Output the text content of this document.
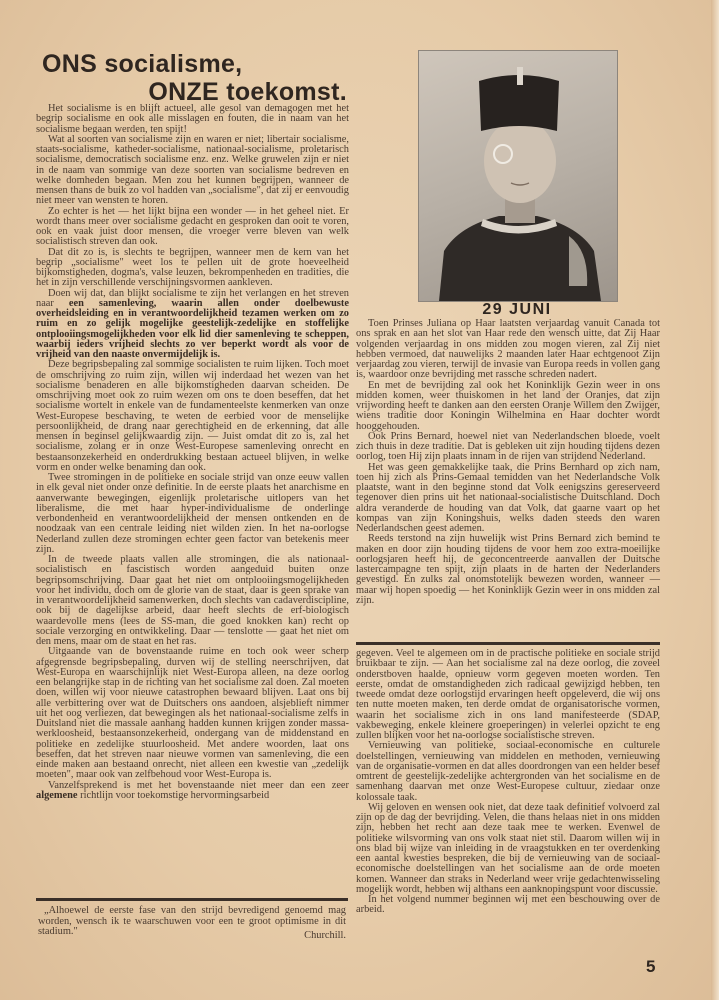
ONS socialisme,
ONZE toekomst.

Het socialisme is en blijft actueel, alle gesol van demagogen met het begrip socialisme en ook alle misslagen en fouten, die in naam van het socialisme begaan werden, ten spijt!

Wat al soorten van socialisme zijn en waren er niet; libertair socialisme, staats-socialisme, katheder-socialisme, nationaal-socialisme, proletarisch socialisme, democratisch socialisme enz. enz. Welke gruwelen zijn er niet in de naam van sommige van deze soorten van socialisme bedreven en welke domheden begaan. Men zou het kunnen begrijpen, wanneer de mensen thans de buik zo vol hadden van „socialisme", dat zij er eenvoudig niet meer van wensten te horen.

Zo echter is het — het lijkt bijna een wonder — in het geheel niet. Er wordt thans meer over socialisme gedacht en gesproken dan ooit te voren, ook en vaak juist door mensen, die vroeger verre bleven van welk socialistisch streven dan ook.

Dat dit zo is, is slechts te begrijpen, wanneer men de kern van het begrip „socialisme" weet los te pellen uit de grote hoeveelheid bijkomstigheden, dogma's, valse leuzen, bekrompenheden en tradities, die het in zijn verschillende verschijningsvormen aankleven.

Doen wij dat, dan blijkt socialisme te zijn het verlangen en het streven naar een samenleving, waarin allen onder doelbewuste overheidsleiding en in verantwoordelijkheid tezamen werken om zo ruim en zo gelijk mogelijke geestelijk-zedelijke en stoffelijke ontplooiingsmogelijkheden voor elk lid dier samenleving te scheppen, waarbij ieders vrijheid slechts zo ver beperkt wordt als voor de vrijheid van den naaste onvermijdelijk is.

Deze begripsbepaling zal sommige socialisten te ruim lijken. Toch moet de omschrijving zo ruim zijn, willen wij inderdaad het wezen van het socialisme benaderen en alle bijkomstigheden daarvan scheiden. De omschrijving moet ook zo ruim wezen om ons te doen beseffen, dat het socialisme wortelt in enkele van de fundamenteelste kenmerken van onze West-Europese beschaving, te weten de eerbied voor de menselijke persoonlijkheid, de drang naar gerechtigheid en de erkenning, dat alle mensen in beginsel gelijkwaardig zijn. — Juist omdat dit zo is, zal het socialisme, zolang er in onze West-Europese samenleving onrecht en bestaansonzekerheid en onderdrukking bestaan actueel blijven, in welke vorm en onder welke benaming dan ook.

Twee stromingen in de politieke en sociale strijd van onze eeuw vallen in elk geval niet onder onze definitie. In de eerste plaats het anarchisme en aanverwante bewegingen, eigenlijk proletarische uitlopers van het liberalisme, die met haar hyper-individualisme de onderlinge verbondenheid en verantwoordelijkheid der mensen ontkenden en de noodzaak van een centrale leiding niet wilden zien. In het na-oorlogse Nederland zullen deze stromingen echter geen factor van betekenis meer zijn.

In de tweede plaats vallen alle stromingen, die als nationaal-socialistisch en fascistisch worden aangeduid buiten onze begripsomschrijving. Daar gaat het niet om ontplooiingsmogelijkheden voor het individu, doch om de glorie van de staat, daar is geen sprake van in verantwoordelijkheid samenwerken, doch slechts van cadaverdiscipline, ook bij de dagelijkse arbeid, daar heeft slechts de erf-biologisch waardevolle mens (lees de SS-man, die goed knokken kan) recht op sociale verzorging en ontwikkeling. Daar — tenslotte — gaat het niet om den mens, maar om de staat en het ras.

Uitgaande van de bovenstaande ruime en toch ook weer scherp afgegrensde begripsbepaling, durven wij de stelling neerschrijven, dat West-Europa en waarschijnlijk niet West-Europa alleen, na deze oorlog een belangrijke stap in de richting van het socialisme zal doen. Zal moeten doen, willen wij voor nieuwe catastrophen bewaard blijven. Laat ons bij alle verbittering over wat de Duitschers ons aandoen, alsjeblieft nimmer uit het oog verliezen, dat bewegingen als het nationaal-socialisme zelfs in Duitsland niet die massale aanhang hadden kunnen krijgen zonder massa-werkloosheid, bestaansonzekerheid, ondergang van de middenstand en politieke en zedelijke stuurloosheid. Met andere woorden, laat ons beseffen, dat het streven naar nieuwe vormen van samenleving, die een einde maken aan bestaand onrecht, niet alleen een kwestie van „zedelijk moeten", maar ook van zelfbehoud voor West-Europa is.

Vanzelfsprekend is met het bovenstaande niet meer dan een zeer algemene richtlijn voor toekomstige hervormingsarbeid

„Alhoewel de eerste fase van den strijd bevredigend genoemd mag worden, wensch ik te waarschuwen voor een te groot optimisme in dit stadium."	Churchill.

29 JUNI

Toen Prinses Juliana op Haar laatsten verjaardag vanuit Canada tot ons sprak en aan het slot van Haar rede den wensch uitte, dat Zij Haar volgenden verjaardag in ons midden zou mogen vieren, zal Zij niet hebben vermoed, dat nauwelijks 2 maanden later Haar echtgenoot Zijn verjaardag zou vieren, terwijl de invasie van Europa reeds in vollen gang is, waardoor onze bevrijding met rassche schreden nadert.

En met de bevrijding zal ook het Koninklijk Gezin weer in ons midden komen, weer thuiskomen in het land der Oranjes, dat zijn vrijwording heeft te danken aan den eersten Oranje Willem den Zwijger, wiens traditie door Koningin Wilhelmina en Haar dochter wordt hooggehouden.

Ook Prins Bernard, hoewel niet van Nederlandschen bloede, voelt zich thuis in deze traditie. Dat is gebleken uit zijn houding tijdens dezen oorlog, toen Hij zijn plaats innam in de rijen van strijdend Nederland.

Het was geen gemakkelijke taak, die Prins Bernhard op zich nam, toen hij zich als Prins-Gemaal temidden van het Nederlandsche Volk plaatste, want in den beginne stond dat Volk eenigszins gereserveerd tegenover dien prins uit het nationaal-socialistische Duitschland. Doch aldra veranderde de houding van dat Volk, dat gaarne vaart op het kompas van zijn Koningshuis, welks daden steeds den waren Nederlandschen geest ademen.

Reeds terstond na zijn huwelijk wist Prins Bernard zich bemind te maken en door zijn houding tijdens de voor hem zoo extra-moeilijke oorlogsjaren heeft hij, de geconcentreerde aanvallen der Duitsche lastercampagne ten spijt, zijn plaats in de harten der Nederlanders gevestigd. En zulks zal onomstotelijk bewezen worden, wanneer — maar wij hopen spoedig — het Koninklijk Gezin weer in ons midden zal zijn.

gegeven. Veel te algemeen om in de practische politieke en sociale strijd bruikbaar te zijn. — Aan het socialisme zal na deze oorlog, die zoveel onderstboven haalde, opnieuw vorm gegeven moeten worden. Ten eerste, omdat de omstandigheden zich radicaal gewijzigd hebben, ten tweede omdat deze oorlogstijd ervaringen heeft opgeleverd, die wij ons ten nutte moeten maken, ten derde omdat de organisatorische vormen, waarin het socialisme zich in ons land manifesteerde (SDAP, vakbeweging, enkele kleinere groeperingen) in velerlei opzicht te eng zullen blijken voor het na-oorlogse socialistische streven.

Vernieuwing van politieke, sociaal-economische en culturele doelstellingen, vernieuwing van middelen en methoden, vernieuwing van de organisatie-vormen en dat alles doordrongen van een helder besef omtrent de geestelijk-zedelijke achtergronden van het socialisme en de samenhang daarvan met onze West-Europese cultuur, ziedaar onze kolossale taak.

Wij geloven en wensen ook niet, dat deze taak definitief volvoerd zal zijn op de dag der bevrijding. Velen, die thans helaas niet in ons midden zijn, hebben het recht aan deze taak mee te werken. Evenwel de politieke wilsvorming van ons volk staat niet stil. Daarom willen wij in ons blad bij wijze van inleiding in de vraagstukken en ter overdenking een aantal kwesties bespreken, die bij de vernieuwing van de sociaal-economische doelstellingen van het socialisme aan de orde moeten komen. Wanneer dan straks in Nederland weer vrije gedachtenwisseling mogelijk wordt, hebben wij althans een aanknopingspunt voor discussie.

In het volgend nummer beginnen wij met een beschouwing over de arbeid.

5
